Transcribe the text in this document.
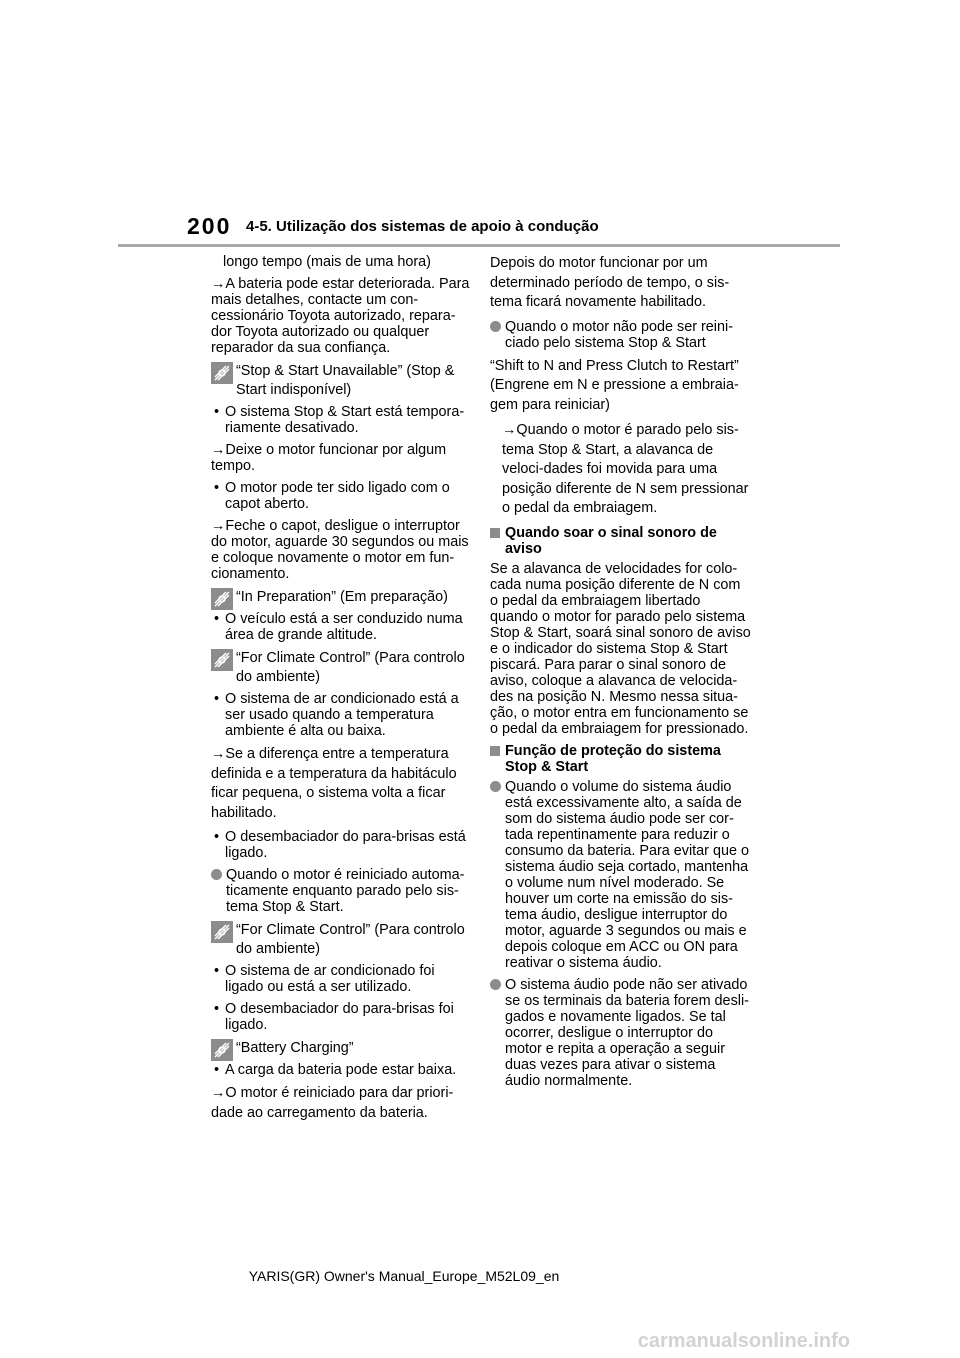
200 4-5. Utilização dos sistemas de apoio à condução

longo tempo (mais de uma hora)

→A bateria pode estar deteriorada. Para mais detalhes, contacte um con-cessionário Toyota autorizado, repara-dor Toyota autorizado ou qualquer reparador da sua confiança.

“Stop & Start Unavailable” (Stop & Start indisponível)

• O sistema Stop & Start está tempora-riamente desativado.

→Deixe o motor funcionar por algum tempo.

• O motor pode ter sido ligado com o capot aberto.

→Feche o capot, desligue o interruptor do motor, aguarde 30 segundos ou mais e coloque novamente o motor em fun-cionamento.

“In Preparation” (Em preparação)

• O veículo está a ser conduzido numa área de grande altitude.

“For Climate Control” (Para controlo do ambiente)

• O sistema de ar condicionado está a ser usado quando a temperatura ambiente é alta ou baixa.

→Se a diferença entre a temperatura definida e a temperatura da habitáculo ficar pequena, o sistema volta a ficar habilitado.

• O desembaciador do para-brisas está ligado.

Quando o motor é reiniciado automa-ticamente enquanto parado pelo sis-tema Stop & Start.
“For Climate Control” (Para controlo do ambiente)

• O sistema de ar condicionado foi ligado ou está a ser utilizado.

• O desembaciador do para-brisas foi ligado.

“Battery Charging”

• A carga da bateria pode estar baixa.

→O motor é reiniciado para dar priori-dade ao carregamento da bateria.

Depois do motor funcionar por um determinado período de tempo, o sis-tema ficará novamente habilitado.

Quando o motor não pode ser reini-ciado pelo sistema Stop & Start

“Shift to N and Press Clutch to Restart” (Engrene em N e pressione a embraia-gem para reiniciar)

→Quando o motor é parado pelo sis-tema Stop & Start, a alavanca de veloci-dades foi movida para uma posição diferente de N sem pressionar o pedal da embraiagem.

Quando soar o sinal sonoro de aviso

Se a alavanca de velocidades for colo-cada numa posição diferente de N com o pedal da embraiagem libertado quando o motor for parado pelo sistema Stop & Start, soará sinal sonoro de aviso e o indicador do sistema Stop & Start piscará. Para parar o sinal sonoro de aviso, coloque a alavanca de velocida-des na posição N. Mesmo nessa situa-ção, o motor entra em funcionamento se o pedal da embraiagem for pressionado.

Função de proteção do sistema Stop & Start
Quando o volume do sistema áudio está excessivamente alto, a saída de som do sistema áudio pode ser cor-tada repentinamente para reduzir o consumo da bateria. Para evitar que o sistema áudio seja cortado, mantenha o volume num nível moderado. Se houver um corte na emissão do sis-tema áudio, desligue interruptor do motor, aguarde 3 segundos ou mais e depois coloque em ACC ou ON para reativar o sistema áudio.
O sistema áudio pode não ser ativado se os terminais da bateria forem desli-gados e novamente ligados. Se tal ocorrer, desligue o interruptor do motor e repita a operação a seguir duas vezes para ativar o sistema áudio normalmente.
YARIS(GR) Owner's Manual_Europe_M52L09_en
carmanualsonline.info
